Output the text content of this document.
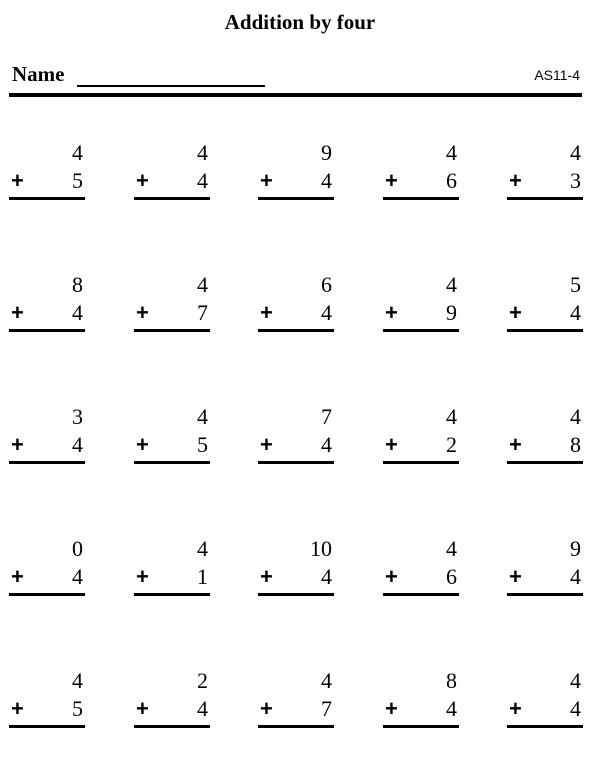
Addition by four
Name	AS11-4
4
+ 5
4
+ 4
9
+ 4
4
+ 6
4
+ 3
8
+ 4
4
+ 7
6
+ 4
4
+ 9
5
+ 4
3
+ 4
4
+ 5
7
+ 4
4
+ 2
4
+ 8
0
+ 4
4
+ 1
10
+ 4
4
+ 6
9
+ 4
4
+ 5
2
+ 4
4
+ 7
8
+ 4
4
+ 4
